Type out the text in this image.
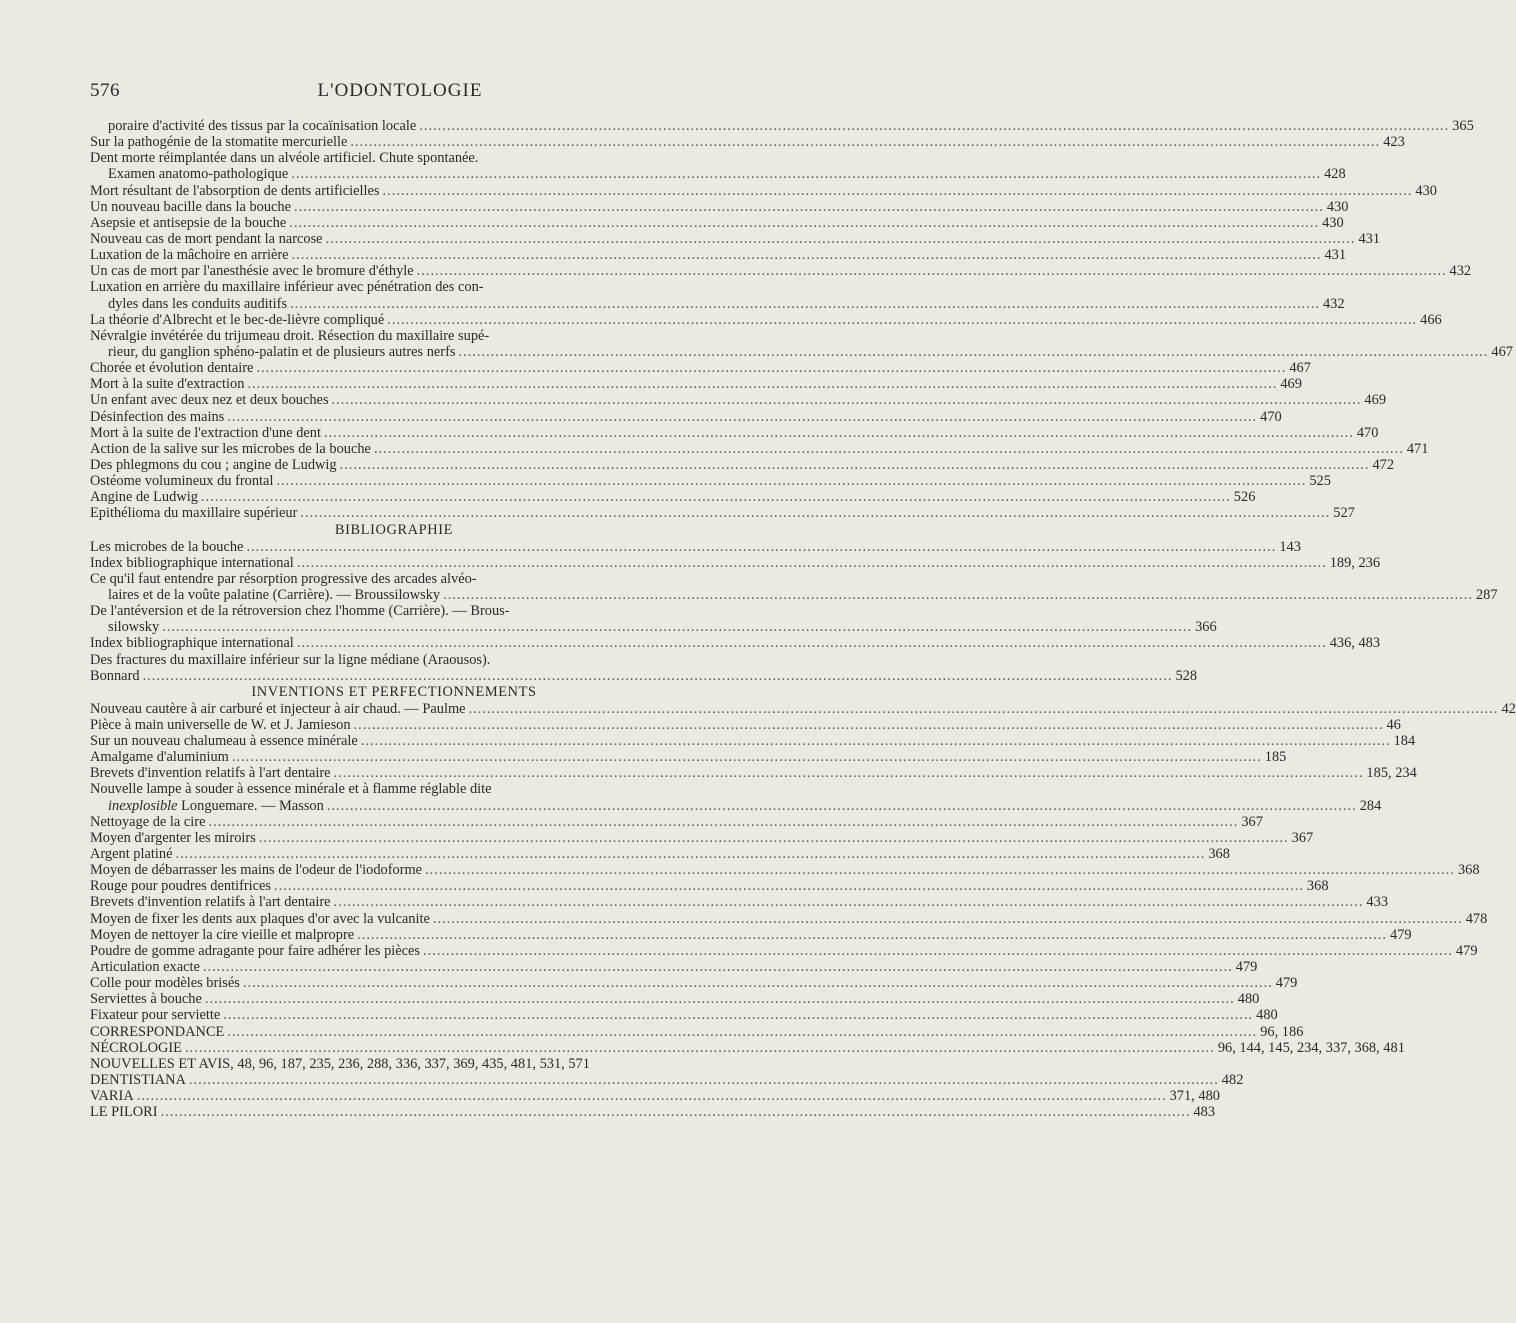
576	L'ODONTOLOGIE
poraire d'activité des tissus par la cocaïnisation locale .....	365
Sur la pathogénie de la stomatite mercurielle .....	423
Dent morte réimplantée dans un alvéole artificiel. Chute spontanée.
Examen anatomo-pathologique .....	428
Mort résultant de l'absorption de dents artificielles .....	430
Un nouveau bacille dans la bouche .....	430
Asepsie et antisepsie de la bouche .....	430
Nouveau cas de mort pendant la narcose .....	431
Luxation de la mâchoire en arrière .....	431
Un cas de mort par l'anesthésie avec le bromure d'éthyle .....	432
Luxation en arrière du maxillaire inférieur avec pénétration des con-
dyles dans les conduits auditifs .....	432
La théorie d'Albrecht et le bec-de-lièvre compliqué .....	466
Névralgie invétérée du trijumeau droit. Résection du maxillaire supé-
rieur, du ganglion sphéno-palatin et de plusieurs autres nerfs .....	467
Chorée et évolution dentaire .....	467
Mort à la suite d'extraction .....	469
Un enfant avec deux nez et deux bouches .....	469
Désinfection des mains .....	470
Mort à la suite de l'extraction d'une dent .....	470
Action de la salive sur les microbes de la bouche .....	471
Des phlegmons du cou ; angine de Ludwig .....	472
Ostéome volumineux du frontal .....	525
Angine de Ludwig .....	526
Epithélioma du maxillaire supérieur .....	527
BIBLIOGRAPHIE
Les microbes de la bouche .....	143
Index bibliographique international .....	189, 236
Ce qu'il faut entendre par résorption progressive des arcades alvéo-
laires et de la voûte palatine (Carrière). — Broussilowsky .....	287
De l'antéversion et de la rétroversion chez l'homme (Carrière). — Brous-
silowsky .....	366
Index bibliographique international .....	436, 483
Des fractures du maxillaire inférieur sur la ligne médiane (Araousos).
Bonnard .....	528
INVENTIONS ET PERFECTIONNEMENTS
Nouveau cautère à air carburé et injecteur à air chaud. — Paulme .....	42
Pièce à main universelle de W. et J. Jamieson .....	46
Sur un nouveau chalumeau à essence minérale .....	184
Amalgame d'aluminium .....	185
Brevets d'invention relatifs à l'art dentaire .....	185, 234
Nouvelle lampe à souder à essence minérale et à flamme réglable dite
inexplosible Longuemare. — Masson .....	284
Nettoyage de la cire .....	367
Moyen d'argenter les miroirs .....	367
Argent platiné .....	368
Moyen de débarrasser les mains de l'odeur de l'iodoforme .....	368
Rouge pour poudres dentifrices .....	368
Brevets d'invention relatifs à l'art dentaire .....	433
Moyen de fixer les dents aux plaques d'or avec la vulcanite .....	478
Moyen de nettoyer la cire vieille et malpropre .....	479
Poudre de gomme adragante pour faire adhérer les pièces .....	479
Articulation exacte .....	479
Colle pour modèles brisés .....	479
Serviettes à bouche .....	480
Fixateur pour serviette .....	480
CORRESPONDANCE .....	96, 186
NÉCROLOGIE .....	96, 144, 145, 234, 337, 368, 481
NOUVELLES ET AVIS, 48, 96, 187, 235, 236, 288, 336, 337, 369, 435, 481, 531, 571
DENTISTIANA .....	482
VARIA .....	371, 480
LE PILORI .....	483
